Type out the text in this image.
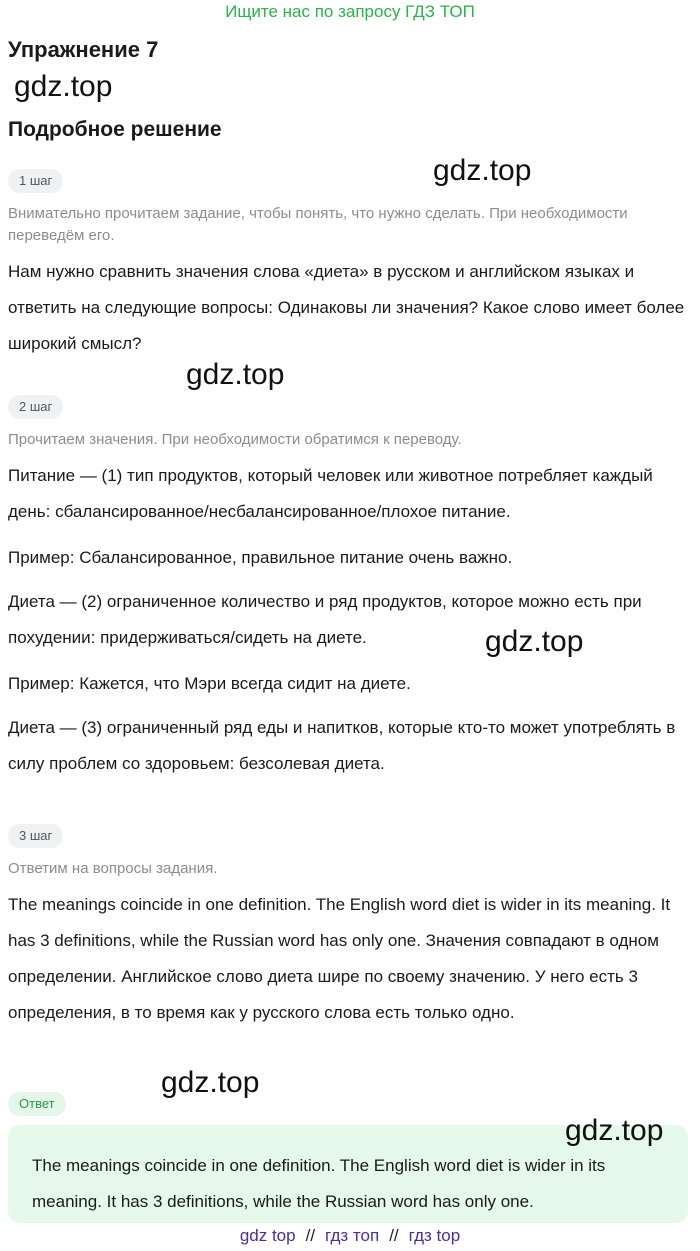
Ищите нас по запросу ГДЗ ТОП
Упражнение 7
gdz.top
Подробное решение
1 шаг	gdz.top
Внимательно прочитаем задание, чтобы понять, что нужно сделать. При необходимости переведём его.
Нам нужно сравнить значения слова «диета» в русском и английском языках и ответить на следующие вопросы: Одинаковы ли значения? Какое слово имеет более широкий смысл?
gdz.top
2 шаг
Прочитаем значения. При необходимости обратимся к переводу.
Питание — (1) тип продуктов, который человек или животное потребляет каждый день: сбалансированное/несбалансированное/плохое питание.
Пример: Сбалансированное, правильное питание очень важно.
Диета — (2) ограниченное количество и ряд продуктов, которое можно есть при похудении: придерживаться/сидеть на диете.	gdz.top
Пример: Кажется, что Мэри всегда сидит на диете.
Диета — (3) ограниченный ряд еды и напитков, которые кто-то может употреблять в силу проблем со здоровьем: безсолевая диета.
3 шаг
Ответим на вопросы задания.
The meanings coincide in one definition. The English word diet is wider in its meaning. It has 3 definitions, while the Russian word has only one. Значения совпадают в одном определении. Английское слово диета шире по своему значению. У него есть 3 определения, в то время как у русского слова есть только одно.
gdz.top
Ответ
gdz.top
The meanings coincide in one definition. The English word diet is wider in its meaning. It has 3 definitions, while the Russian word has only one.
gdz top // гдз топ // гдз top
